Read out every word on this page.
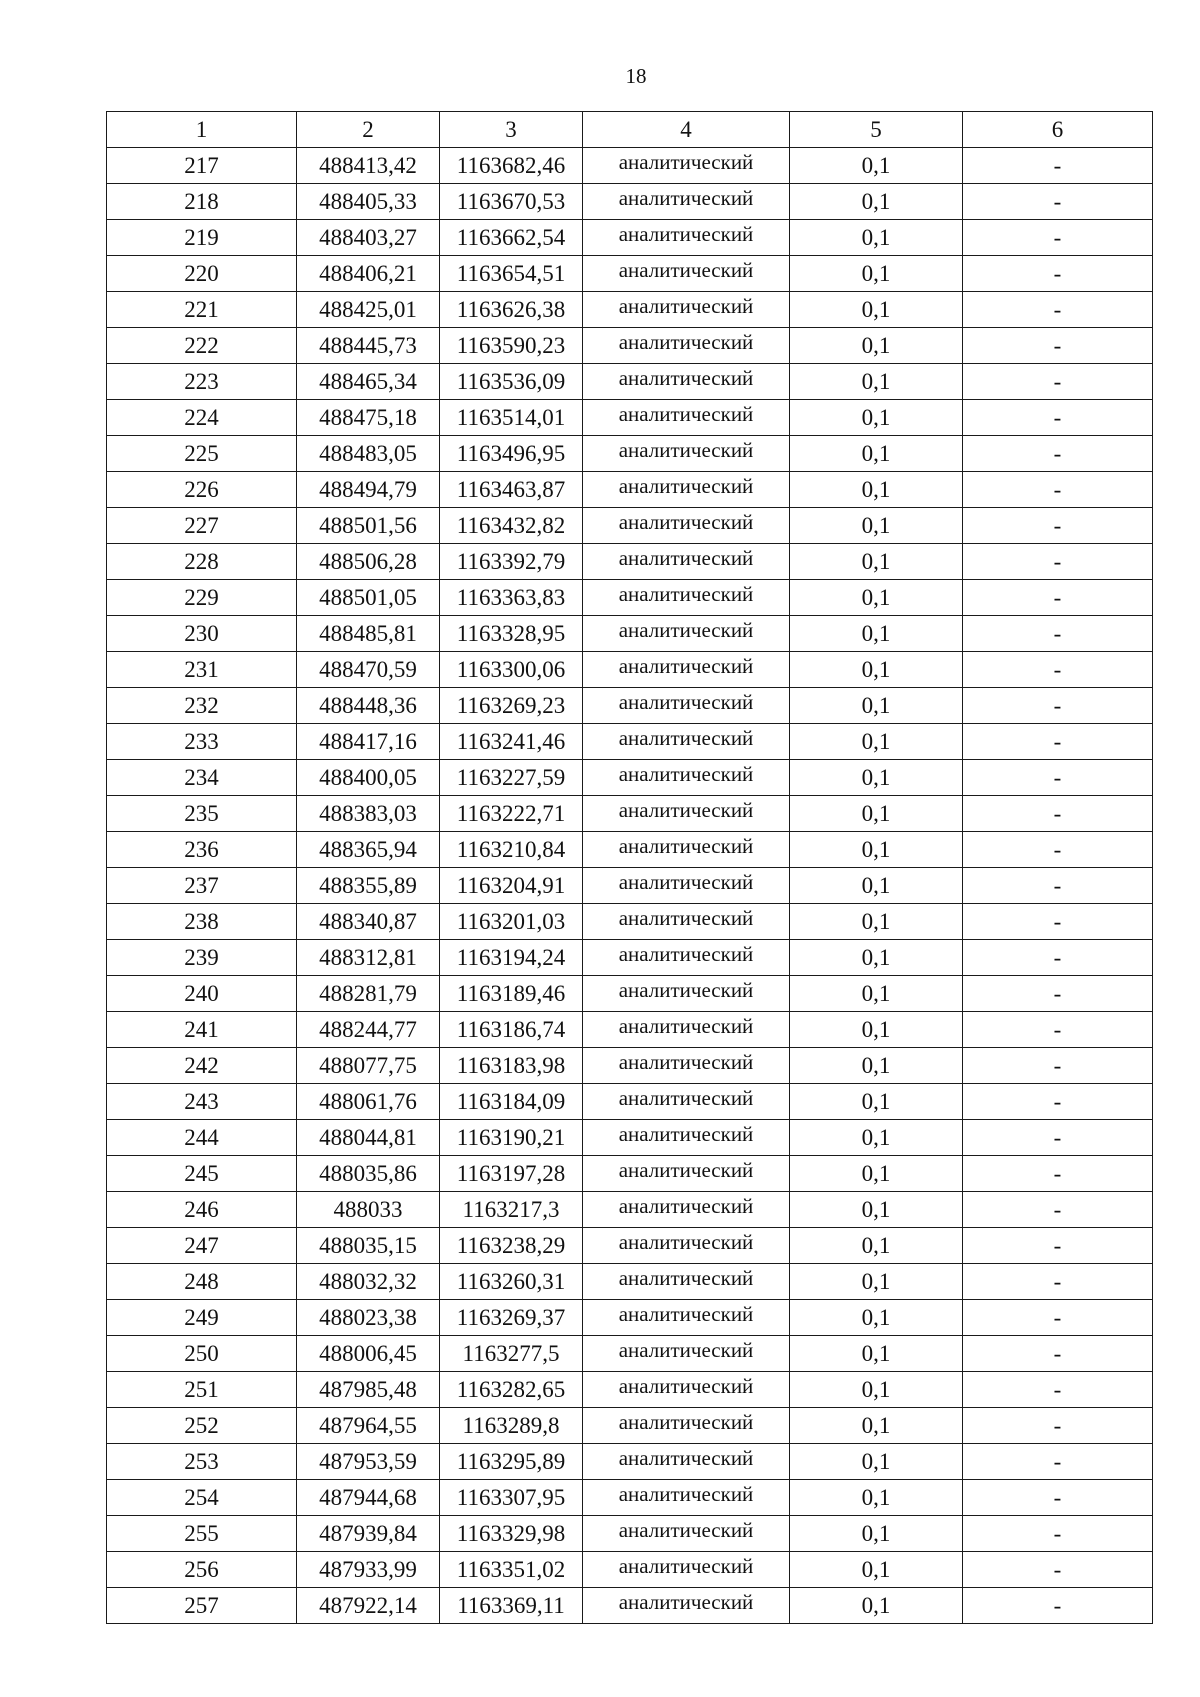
18
1	2	3	4	5	6
217	488413,42	1163682,46	аналитический	0,1	-
218	488405,33	1163670,53	аналитический	0,1	-
219	488403,27	1163662,54	аналитический	0,1	-
220	488406,21	1163654,51	аналитический	0,1	-
221	488425,01	1163626,38	аналитический	0,1	-
222	488445,73	1163590,23	аналитический	0,1	-
223	488465,34	1163536,09	аналитический	0,1	-
224	488475,18	1163514,01	аналитический	0,1	-
225	488483,05	1163496,95	аналитический	0,1	-
226	488494,79	1163463,87	аналитический	0,1	-
227	488501,56	1163432,82	аналитический	0,1	-
228	488506,28	1163392,79	аналитический	0,1	-
229	488501,05	1163363,83	аналитический	0,1	-
230	488485,81	1163328,95	аналитический	0,1	-
231	488470,59	1163300,06	аналитический	0,1	-
232	488448,36	1163269,23	аналитический	0,1	-
233	488417,16	1163241,46	аналитический	0,1	-
234	488400,05	1163227,59	аналитический	0,1	-
235	488383,03	1163222,71	аналитический	0,1	-
236	488365,94	1163210,84	аналитический	0,1	-
237	488355,89	1163204,91	аналитический	0,1	-
238	488340,87	1163201,03	аналитический	0,1	-
239	488312,81	1163194,24	аналитический	0,1	-
240	488281,79	1163189,46	аналитический	0,1	-
241	488244,77	1163186,74	аналитический	0,1	-
242	488077,75	1163183,98	аналитический	0,1	-
243	488061,76	1163184,09	аналитический	0,1	-
244	488044,81	1163190,21	аналитический	0,1	-
245	488035,86	1163197,28	аналитический	0,1	-
246	488033	1163217,3	аналитический	0,1	-
247	488035,15	1163238,29	аналитический	0,1	-
248	488032,32	1163260,31	аналитический	0,1	-
249	488023,38	1163269,37	аналитический	0,1	-
250	488006,45	1163277,5	аналитический	0,1	-
251	487985,48	1163282,65	аналитический	0,1	-
252	487964,55	1163289,8	аналитический	0,1	-
253	487953,59	1163295,89	аналитический	0,1	-
254	487944,68	1163307,95	аналитический	0,1	-
255	487939,84	1163329,98	аналитический	0,1	-
256	487933,99	1163351,02	аналитический	0,1	-
257	487922,14	1163369,11	аналитический	0,1	-
